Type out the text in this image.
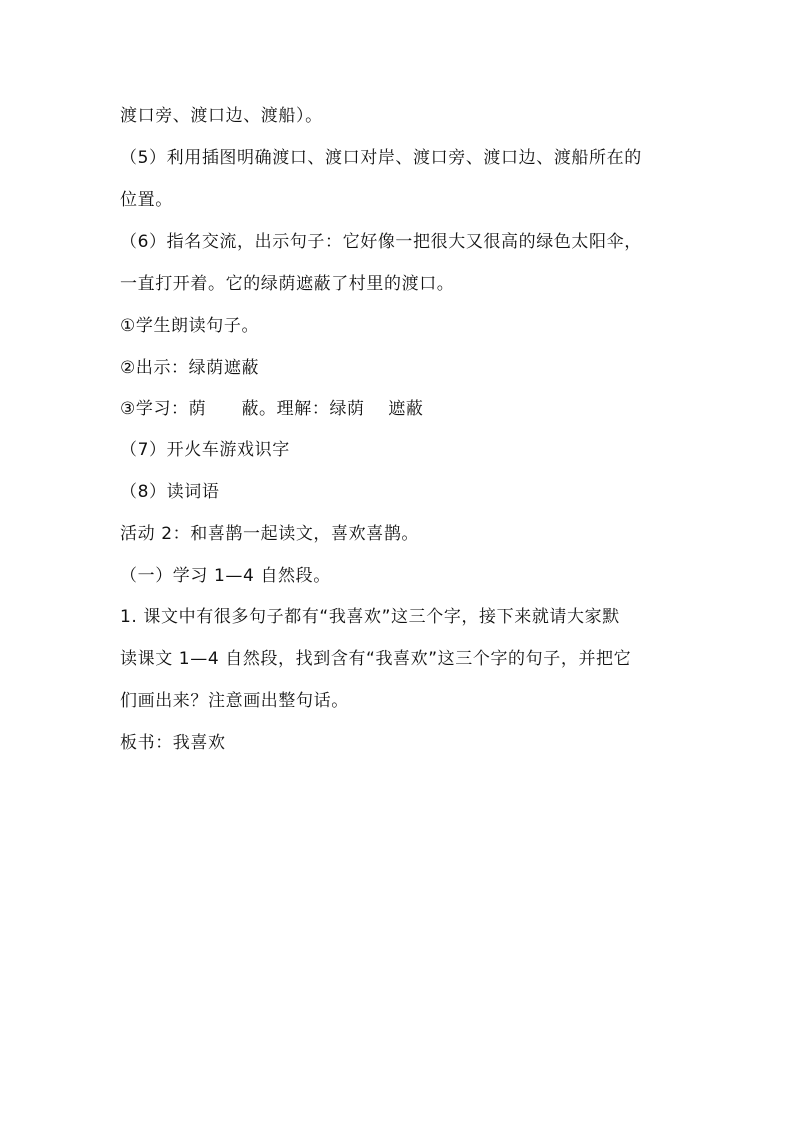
渡口旁、渡口边、渡船）。
（5）利用插图明确渡口、渡口对岸、渡口旁、渡口边、渡船所在的
位置。
（6）指名交流，出示句子：它好像一把很大又很高的绿色太阳伞，
一直打开着。它的绿荫遮蔽了村里的渡口。
①学生朗读句子。
②出示：绿荫遮蔽
③学习：荫　　蔽。理解：绿荫　 遮蔽
（7）开火车游戏识字
（8）读词语
活动 2：和喜鹊一起读文，喜欢喜鹊。
（一）学习 1—4 自然段。
1. 课文中有很多句子都有“我喜欢”这三个字，接下来就请大家默
读课文 1—4 自然段，找到含有“我喜欢”这三个字的句子，并把它
们画出来？注意画出整句话。
板书：我喜欢
